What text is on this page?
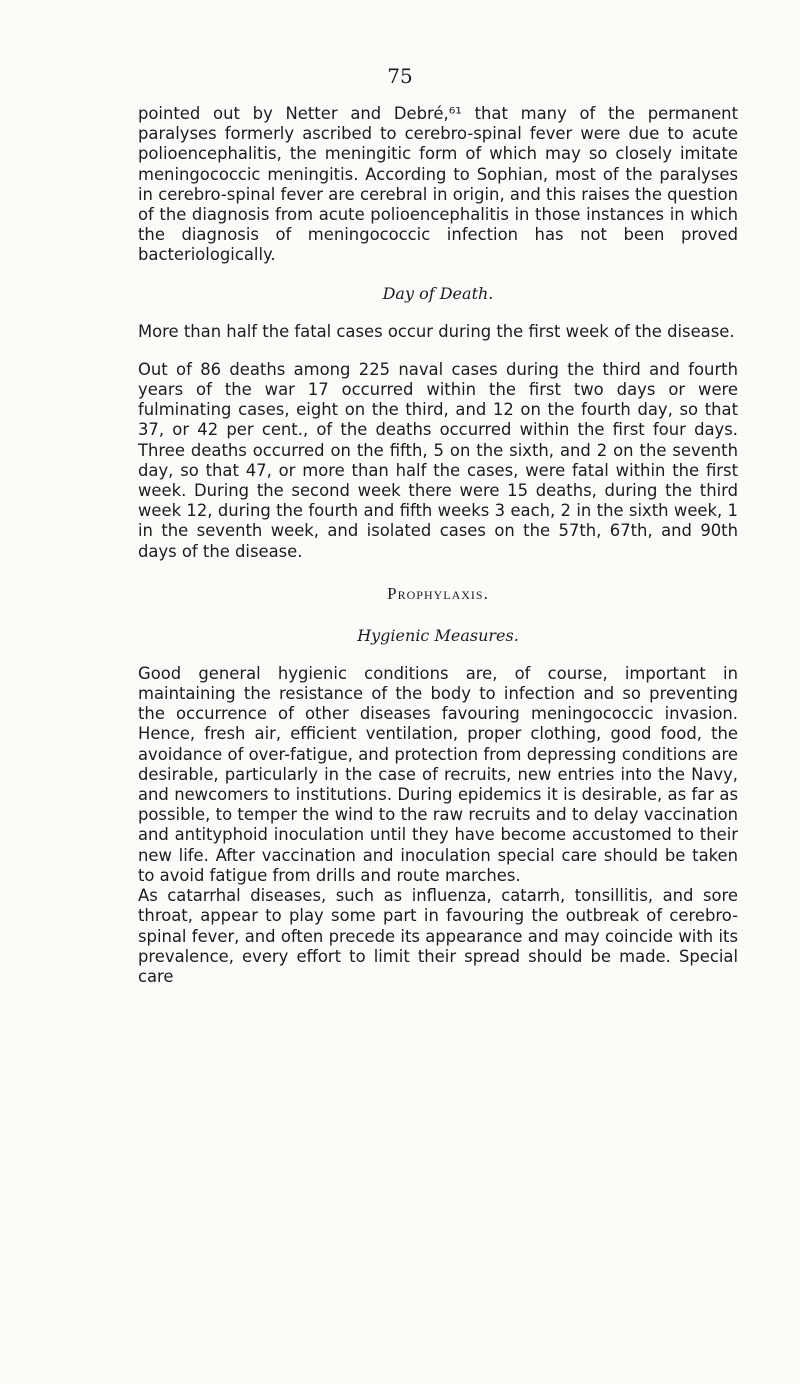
75

pointed out by Netter and Debré,⁶¹ that many of the permanent paralyses formerly ascribed to cerebro-spinal fever were due to acute polioencephalitis, the meningitic form of which may so closely imitate meningococcic meningitis. According to Sophian, most of the paralyses in cerebro-spinal fever are cerebral in origin, and this raises the question of the diagnosis from acute polioencephalitis in those instances in which the diagnosis of meningococcic infection has not been proved bacteriologically.

Day of Death.

More than half the fatal cases occur during the first week of the disease.

Out of 86 deaths among 225 naval cases during the third and fourth years of the war 17 occurred within the first two days or were fulminating cases, eight on the third, and 12 on the fourth day, so that 37, or 42 per cent., of the deaths occurred within the first four days. Three deaths occurred on the fifth, 5 on the sixth, and 2 on the seventh day, so that 47, or more than half the cases, were fatal within the first week. During the second week there were 15 deaths, during the third week 12, during the fourth and fifth weeks 3 each, 2 in the sixth week, 1 in the seventh week, and isolated cases on the 57th, 67th, and 90th days of the disease.

Prophylaxis.

Hygienic Measures.

Good general hygienic conditions are, of course, important in maintaining the resistance of the body to infection and so preventing the occurrence of other diseases favouring meningococcic invasion. Hence, fresh air, efficient ventilation, proper clothing, good food, the avoidance of over-fatigue, and protection from depressing conditions are desirable, particularly in the case of recruits, new entries into the Navy, and newcomers to institutions. During epidemics it is desirable, as far as possible, to temper the wind to the raw recruits and to delay vaccination and antityphoid inoculation until they have become accustomed to their new life. After vaccination and inoculation special care should be taken to avoid fatigue from drills and route marches.

As catarrhal diseases, such as influenza, catarrh, tonsillitis, and sore throat, appear to play some part in favouring the outbreak of cerebro-spinal fever, and often precede its appearance and may coincide with its prevalence, every effort to limit their spread should be made. Special care
